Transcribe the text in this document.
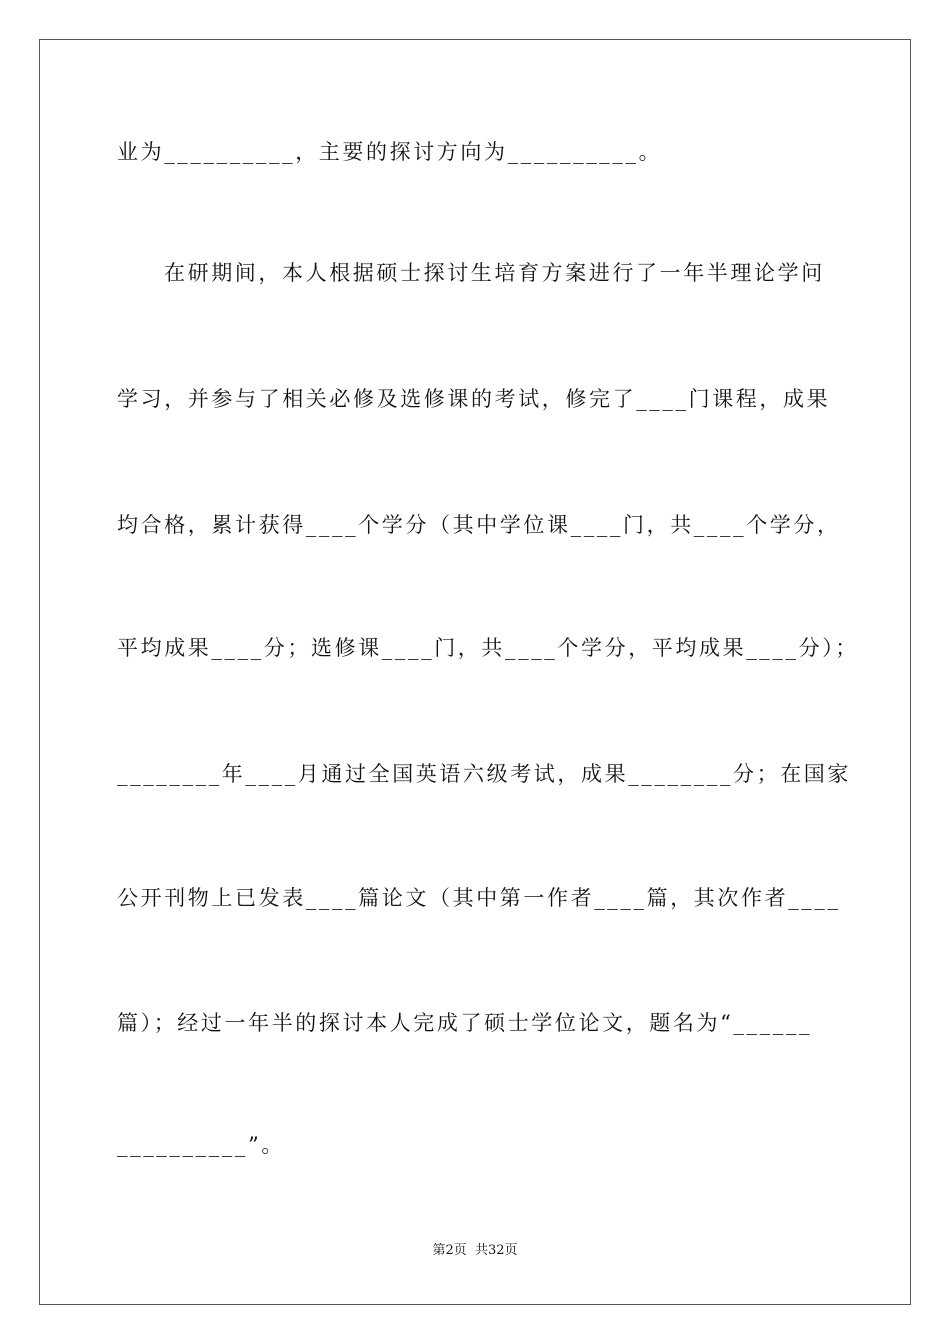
业为__________，主要的探讨方向为__________。
在研期间，本人根据硕士探讨生培育方案进行了一年半理论学问
学习，并参与了相关必修及选修课的考试，修完了____门课程，成果
均合格，累计获得____个学分（其中学位课____门，共____个学分，
平均成果____分；选修课____门，共____个学分，平均成果____分）；
________年____月通过全国英语六级考试，成果________分；在国家
公开刊物上已发表____篇论文（其中第一作者____篇，其次作者____
篇）；经过一年半的探讨本人完成了硕士学位论文，题名为“______
__________”。
第2页  共32页
